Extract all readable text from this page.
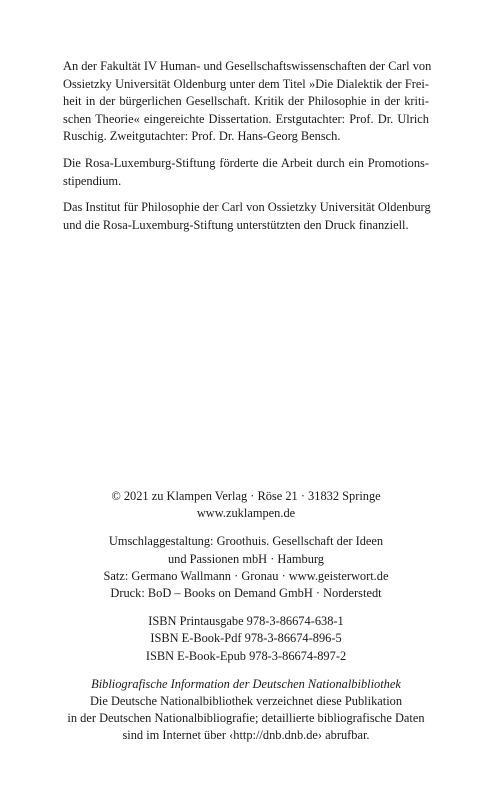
An der Fakultät IV Human- und Gesellschaftswissenschaften der Carl von
Ossietzky Universität Oldenburg unter dem Titel »Die Dialektik der Frei-
heit in der bürgerlichen Gesellschaft. Kritik der Philosophie in der kriti-
schen Theorie« eingereichte Dissertation. Erstgutachter: Prof. Dr. Ulrich
Ruschig. Zweitgutachter: Prof. Dr. Hans-Georg Bensch.

Die Rosa-Luxemburg-Stiftung förderte die Arbeit durch ein Promotions-
stipendium.

Das Institut für Philosophie der Carl von Ossietzky Universität Oldenburg
und die Rosa-Luxemburg-Stiftung unterstützten den Druck finanziell.

© 2021 zu Klampen Verlag · Röse 21 · 31832 Springe
www.zuklampen.de
Umschlaggestaltung: Groothuis. Gesellschaft der Ideen
und Passionen mbH · Hamburg
Satz: Germano Wallmann · Gronau · www.geisterwort.de
Druck: BoD – Books on Demand GmbH · Norderstedt
ISBN Printausgabe 978-3-86674-638-1
ISBN E-Book-Pdf 978-3-86674-896-5
ISBN E-Book-Epub 978-3-86674-897-2
Bibliografische Information der Deutschen Nationalbibliothek
Die Deutsche Nationalbibliothek verzeichnet diese Publikation
in der Deutschen Nationalbibliografie; detaillierte bibliografische Daten
sind im Internet über ‹http://dnb.dnb.de› abrufbar.
